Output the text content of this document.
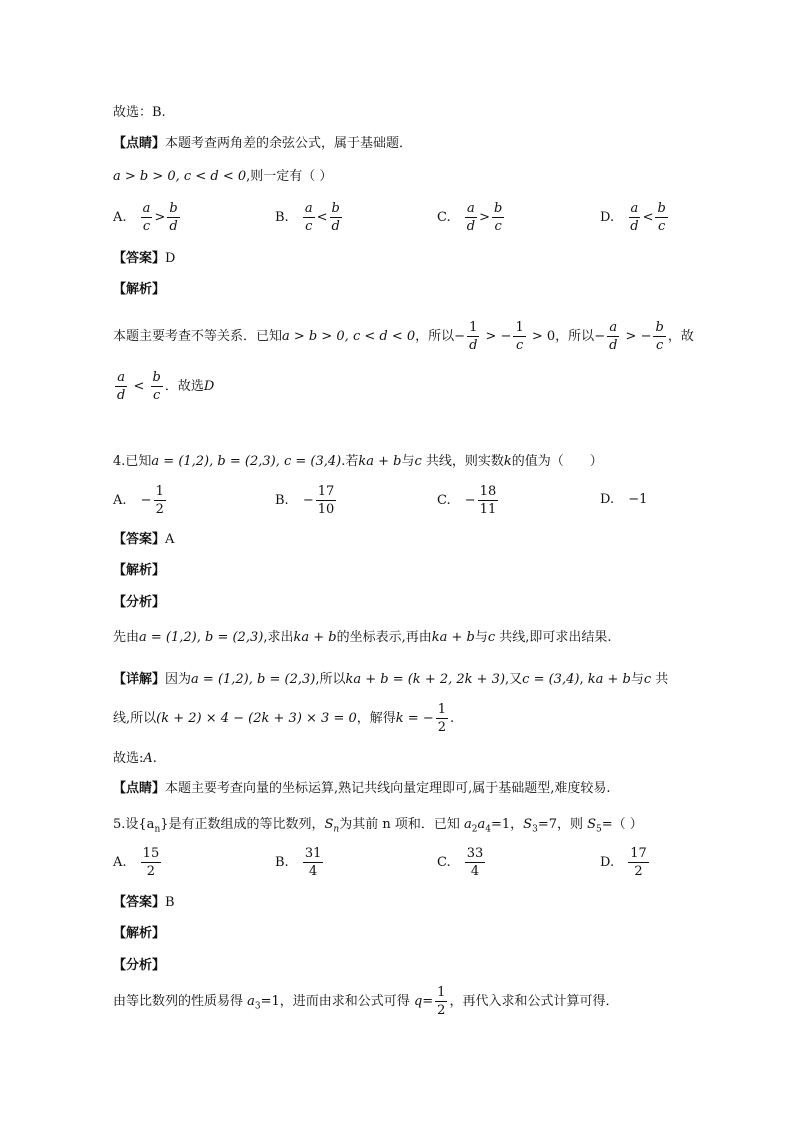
故选：B.
【点睛】本题考查两角差的余弦公式，属于基础题．
a > b > 0, c < d < 0,则一定有（ ）
A. $\frac{a}{c} > \frac{b}{d}$	B. $\frac{a}{c} < \frac{b}{d}$	C. $\frac{a}{d} > \frac{b}{c}$	D. $\frac{a}{d} < \frac{b}{c}$
【答案】D
【解析】
本题主要考查不等关系．已知a > b > 0, c < d < 0，所以− $\frac{1}{d}$ > − $\frac{1}{c} > 0$，所以− $\frac{a}{d}$ > − $\frac{b}{c}$ ，故
$\frac{a}{d} < \frac{b}{c}$ ．故选D
4.已知a = (1,2), b = (2,3), c = (3,4).若ka + b与c 共线，则实数k的值为（　　）
A. − $\frac{1}{2}$	B. − $\frac{17}{10}$	C. − $\frac{18}{11}$	D. −1
【答案】A
【解析】
【分析】
先由a = (1,2), b = (2,3),求出ka + b的坐标表示,再由ka + b与c 共线,即可求出结果.
【详解】因为a = (1,2), b = (2,3),所以ka + b = (k + 2, 2k + 3),又c = (3,4), ka + b与c 共
线,所以(k + 2) × 4 − (2k + 3) × 3 = 0，解得k = − $\frac{1}{2}$ .
故选:A.
【点睛】本题主要考查向量的坐标运算,熟记共线向量定理即可,属于基础题型,难度较易.
5.设$\{a_n\}$是有正数组成的等比数列，$S_n$为其前 n 项和．已知 $a_2a_4=1$，$S_3=7$，则 $S_5=$（ ）
A. $\frac{15}{2}$	B. $\frac{31}{4}$	C. $\frac{33}{4}$	D. $\frac{17}{2}$
【答案】B
【解析】
【分析】
由等比数列的性质易得 $a_3=1$，进而由求和公式可得 $q= \frac{1}{2}$ ，再代入求和公式计算可得．
